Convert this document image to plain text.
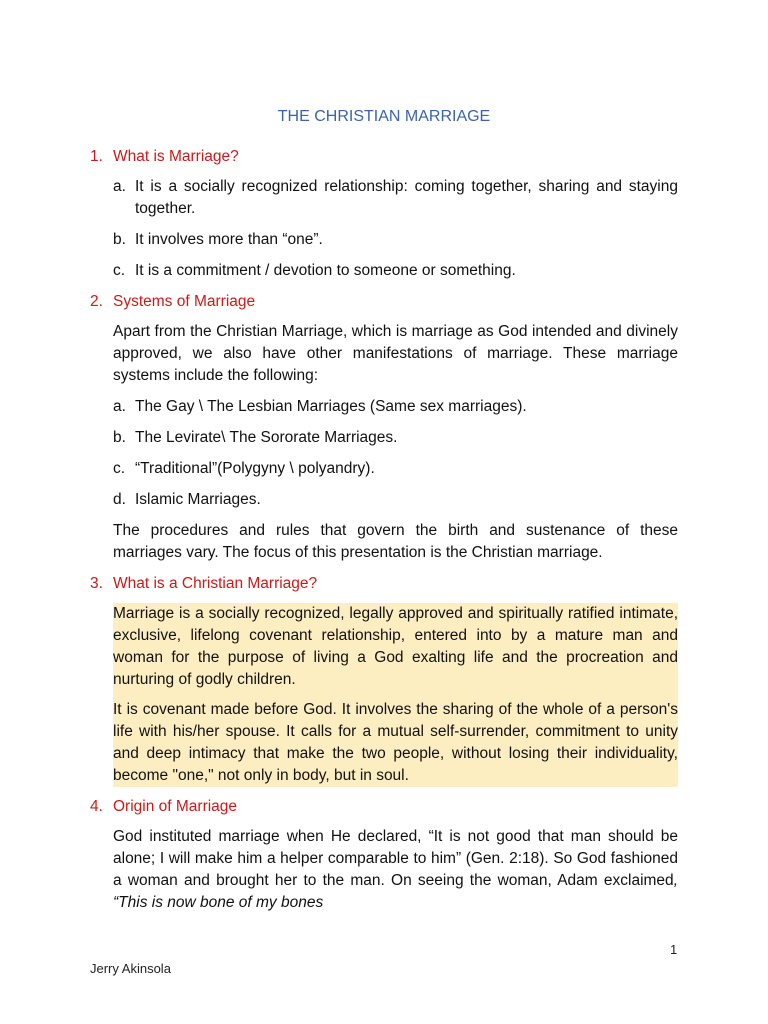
THE CHRISTIAN MARRIAGE
1. What is Marriage?
a. It is a socially recognized relationship: coming together, sharing and staying together.
b. It involves more than “one”.
c. It is a commitment / devotion to someone or something.
2. Systems of Marriage

Apart from the Christian Marriage, which is marriage as God intended and divinely approved, we also have other manifestations of marriage. These marriage systems include the following:

a. The Gay \ The Lesbian Marriages (Same sex marriages).
b. The Levirate\ The Sororate Marriages.
c. “Traditional”(Polygyny \ polyandry).
d. Islamic Marriages.

The procedures and rules that govern the birth and sustenance of these marriages vary. The focus of this presentation is the Christian marriage.

3. What is a Christian Marriage?

Marriage is a socially recognized, legally approved and spiritually ratified intimate, exclusive, lifelong covenant relationship, entered into by a mature man and woman for the purpose of living a God exalting life and the procreation and nurturing of godly children.

It is covenant made before God. It involves the sharing of the whole of a person's life with his/her spouse. It calls for a mutual self-surrender, commitment to unity and deep intimacy that make the two people, without losing their individuality, become "one," not only in body, but in soul.

4. Origin of Marriage

God instituted marriage when He declared, “It is not good that man should be alone; I will make him a helper comparable to him” (Gen. 2:18). So God fashioned a woman and brought her to the man. On seeing the woman, Adam exclaimed, “This is now bone of my bones

1
Jerry Akinsola
